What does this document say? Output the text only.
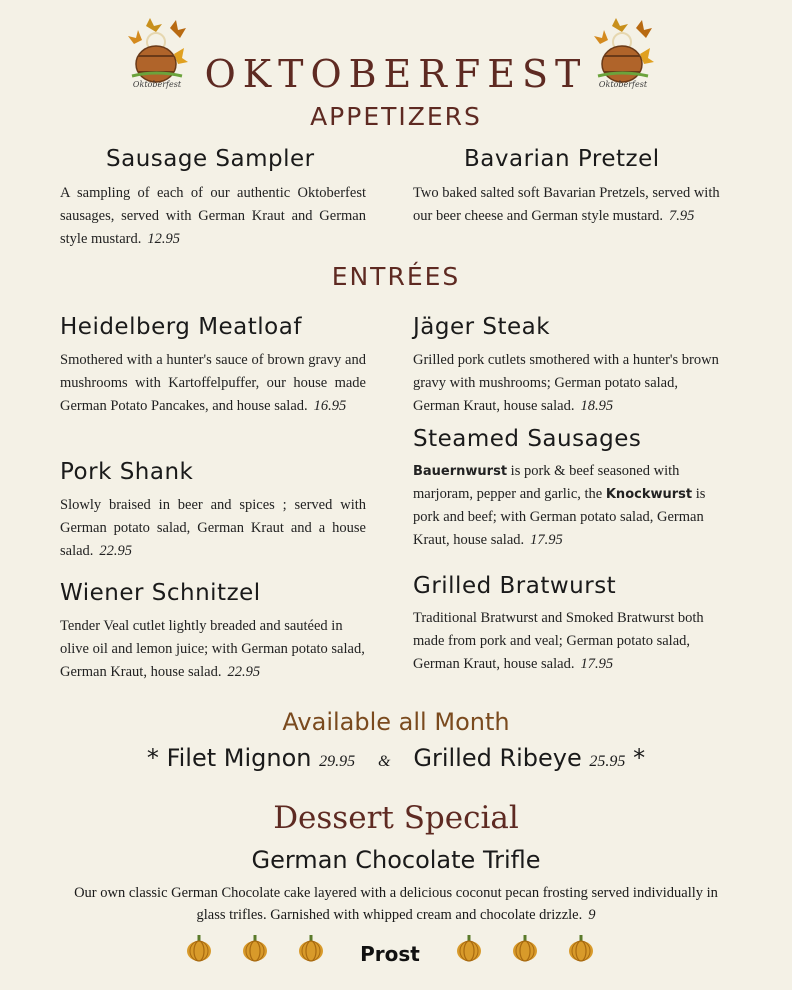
Oktoberfest	Oktoberfest
OKTOBERFEST
APPETIZERS
Sausage Sampler
A sampling of each of our authentic Oktoberfest sausages, served with German Kraut and German style mustard. 12.95
Bavarian Pretzel
Two baked salted soft Bavarian Pretzels, served with our beer cheese and German style mustard. 7.95
ENTRÉES
Heidelberg Meatloaf
Smothered with a hunter's sauce of brown gravy and mushrooms with Kartoffelpuffer, our house made German Potato Pancakes, and house salad. 16.95
Pork Shank
Slowly braised in beer and spices ; served with German potato salad, German Kraut and a house salad. 22.95
Wiener Schnitzel
Tender Veal cutlet lightly breaded and sautéed in olive oil and lemon juice; with German potato salad, German Kraut, house salad. 22.95
Jäger Steak
Grilled pork cutlets smothered with a hunter's brown gravy with mushrooms; German potato salad, German Kraut, house salad. 18.95
Steamed Sausages
Bauernwurst is pork & beef seasoned with marjoram, pepper and garlic, the Knockwurst is pork and beef; with German potato salad, German Kraut, house salad. 17.95
Grilled Bratwurst
Traditional Bratwurst and Smoked Bratwurst both made from pork and veal; German potato salad, German Kraut, house salad. 17.95
Available all Month
* Filet Mignon 29.95 & Grilled Ribeye 25.95 *
Dessert Special
German Chocolate Trifle
Our own classic German Chocolate cake layered with a delicious coconut pecan frosting served individually in glass trifles. Garnished with whipped cream and chocolate drizzle. 9
Prost
